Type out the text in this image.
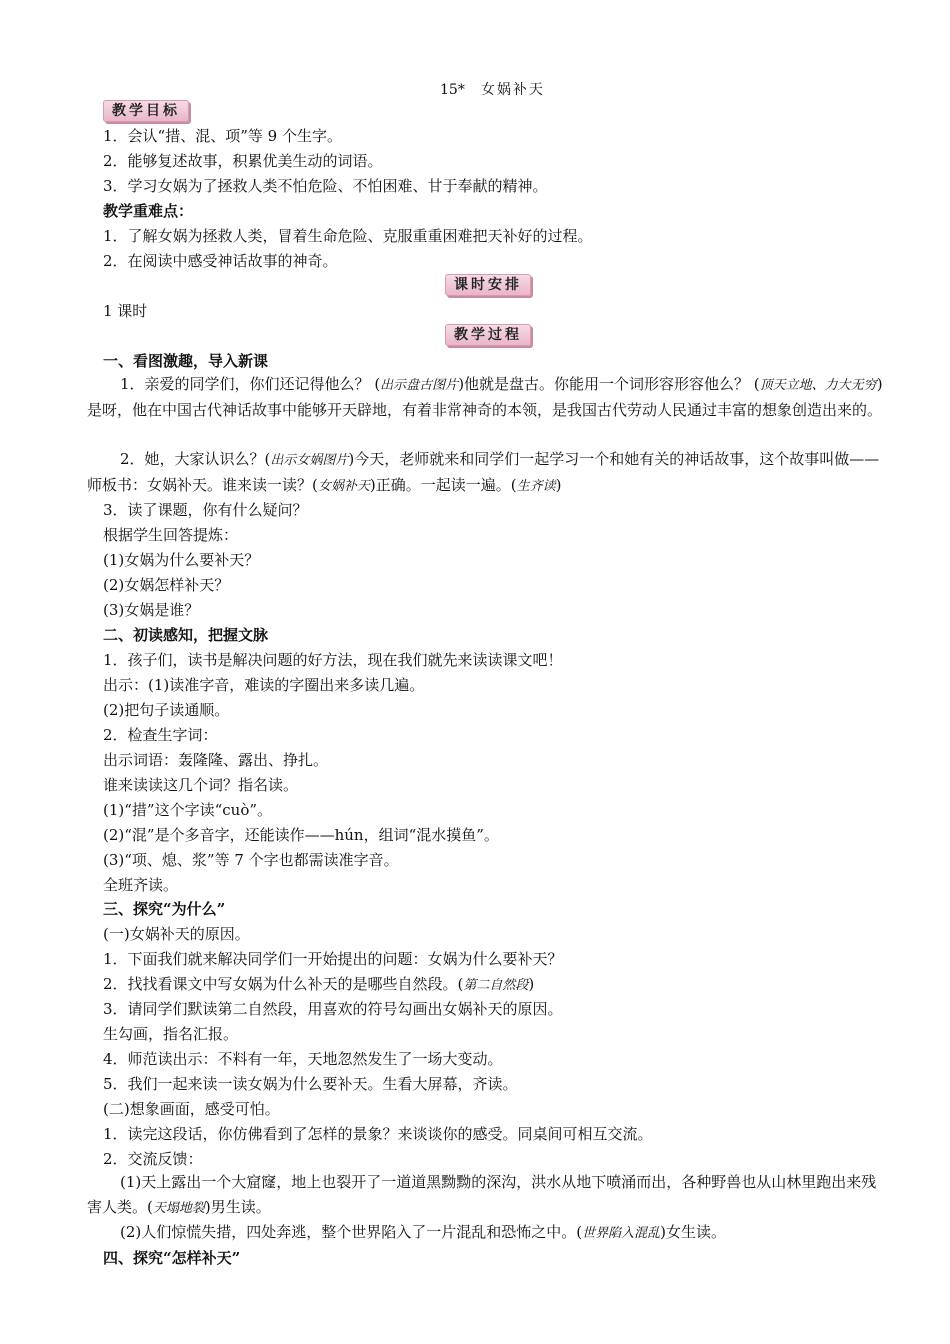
15* 女娲补天
教学目标
1．会认“措、混、项”等 9 个生字。
2．能够复述故事，积累优美生动的词语。
3．学习女娲为了拯救人类不怕危险、不怕困难、甘于奉献的精神。
教学重难点：
1．了解女娲为拯救人类，冒着生命危险、克服重重困难把天补好的过程。
2．在阅读中感受神话故事的神奇。
课时安排
1 课时
教学过程
一、看图激趣，导入新课
1．亲爱的同学们，你们还记得他么？ (出示盘古图片)他就是盘古。你能用一个词形容形容他么？ (顶天立地、力大无穷)是呀，他在中国古代神话故事中能够开天辟地，有着非常神奇的本领，是我国古代劳动人民通过丰富的想象创造出来的。
2．她，大家认识么？(出示女娲图片)今天，老师就来和同学们一起学习一个和她有关的神话故事，这个故事叫做——师板书：女娲补天。谁来读一读？(女娲补天)正确。一起读一遍。(生齐读)
3．读了课题，你有什么疑问？
根据学生回答提炼：
(1)女娲为什么要补天？
(2)女娲怎样补天？
(3)女娲是谁？
二、初读感知，把握文脉
1．孩子们，读书是解决问题的好方法，现在我们就先来读读课文吧！
出示：(1)读准字音，难读的字圈出来多读几遍。
(2)把句子读通顺。
2．检查生字词：
出示词语：轰隆隆、露出、挣扎。
谁来读读这几个词？指名读。
(1)“措”这个字读“cuò”。
(2)“混”是个多音字，还能读作——hún，组词“混水摸鱼”。
(3)“项、熄、浆”等 7 个字也都需读准字音。
全班齐读。
三、探究“为什么”
(一)女娲补天的原因。
1．下面我们就来解决同学们一开始提出的问题：女娲为什么要补天？
2．找找看课文中写女娲为什么补天的是哪些自然段。(第二自然段)
3．请同学们默读第二自然段，用喜欢的符号勾画出女娲补天的原因。
生勾画，指名汇报。
4．师范读出示：不料有一年，天地忽然发生了一场大变动。
5．我们一起来读一读女娲为什么要补天。生看大屏幕，齐读。
(二)想象画面，感受可怕。
1．读完这段话，你仿佛看到了怎样的景象？来谈谈你的感受。同桌间可相互交流。
2．交流反馈：
(1)天上露出一个大窟窿，地上也裂开了一道道黑黝黝的深沟，洪水从地下喷涌而出，各种野兽也从山林里跑出来残害人类。(天塌地裂)男生读。
(2)人们惊慌失措，四处奔逃，整个世界陷入了一片混乱和恐怖之中。(世界陷入混乱)女生读。
四、探究“怎样补天”
